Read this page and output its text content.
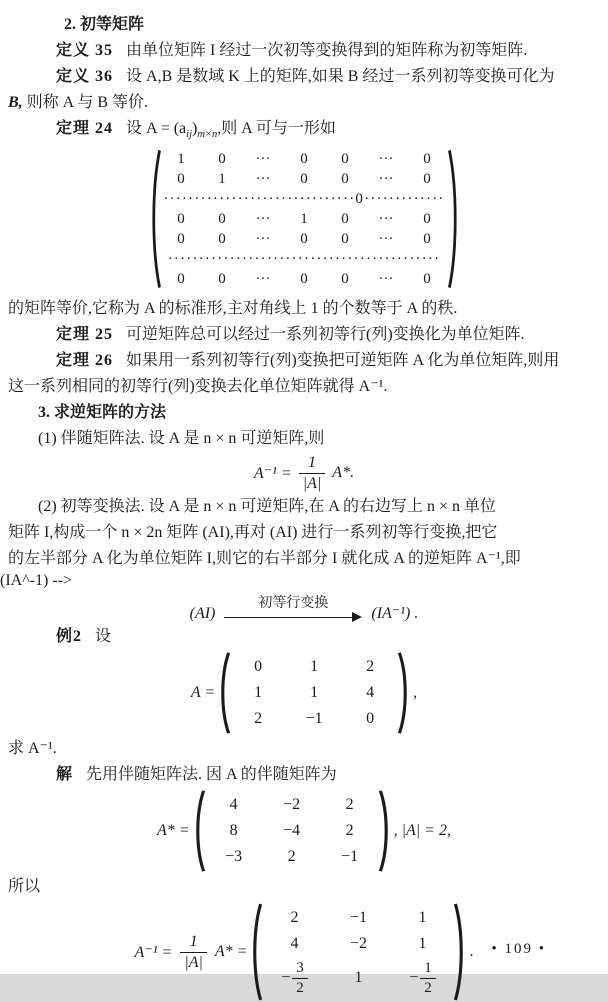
2. 初等矩阵
定义 35 由单位矩阵 I 经过一次初等变换得到的矩阵称为初等矩阵.
定义 36 设 A,B 是数域 K 上的矩阵,如果 B 经过一系列初等变换可化为
B, 则称 A 与 B 等价.
定理 24 设 $A = (a_{ij})_{m\times n}$,则 A 可与一形如
1	0	···	0	0	···	0
0	1	···	0	0	···	0
·······························0·············
0	0	···	1	0	···	0
0	0	···	0	0	···	0
············································
0	0	···	0	0	···	0
的矩阵等价,它称为 A 的标准形,主对角线上 1 的个数等于 A 的秩.
定理 25 可逆矩阵总可以经过一系列初等行(列)变换化为单位矩阵.
定理 26 如果用一系列初等行(列)变换把可逆矩阵 A 化为单位矩阵,则用
这一系列相同的初等行(列)变换去化单位矩阵就得 A⁻¹.
3. 求逆矩阵的方法
(1) 伴随矩阵法. 设 A 是 n × n 可逆矩阵,则
$A^{-1} = \frac{1}{|A|} A*$.
(2) 初等变换法. 设 A 是 n × n 可逆矩阵,在 A 的右边写上 n × n 单位
矩阵 I,构成一个 n × 2n 矩阵 (AI),再对 (AI) 进行一系列初等行变换,把它
的左半部分 A 化为单位矩阵 I,则它的右半部分 I 就化成 A 的逆矩阵 A⁻¹,即
(IA^-1) -->
(AI)
初等行变换
(IA⁻¹) .
例2 设
A =
0	1	2
1	1	4
2	−1	0
,
求 A⁻¹.
解 先用伴随矩阵法. 因 A 的伴随矩阵为
A* =
4	−2	2
8	−4	2
−3	2	−1
, |A| = 2,
所以
$A^{-1} = \frac{1}{|A|} A*$ =
2	−1	1
4	−2	1
− $\frac{3}{2}$	1	− $\frac{1}{2}$
. • 109 •
